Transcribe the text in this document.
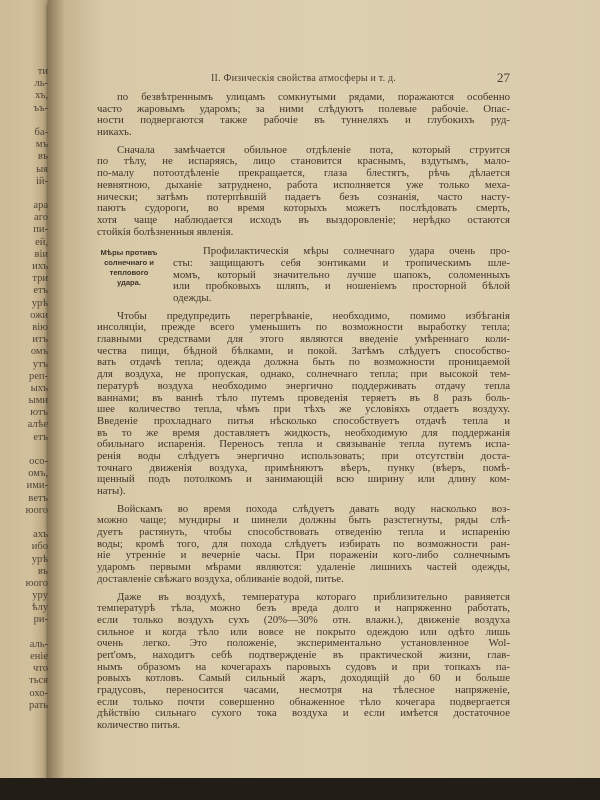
ти
ль-
хъ,
ъъ-
ба-
мъ
въ
ыя
ій-
ара
аго
пи-
ей,
віи
ихъ
три
етъ
урѣ
ожи
вію
итъ
омъ
утъ
реп-
ыхъ
ыми
ютъ
алѣе
етъ
осо-
омъ,
ими-
ветъ
юого
ахъ
ибо
урѣ
въ
юого
ypy
ѣлу
ри-
аль-
еніе
что
ться
охо-
рать
II. Физическія свойства атмосферы и т. д.	27
по безвѣтреннымъ улицамъ сомкнутыми рядами, поражаются особенно
часто жаровымъ ударомъ; за ними слѣдуютъ полевые рабочіе. Опас-
ности подвергаются также рабочіе въ туннеляхъ и глубокихъ руд-
никахъ.
Сначала замѣчается обильное отдѣленіе пота, который струится
по тѣлу, не испаряясь, лицо становится краснымъ, вздутымъ, мало-
по-малу потоотдѣленіе прекращается, глаза блестятъ, рѣчь дѣлается
невнятною, дыханіе затруднено, работа исполняется уже только меха-
нически; затѣмъ потерпѣвшій падаетъ безъ сознанія, часто насту-
паютъ судороги, во время которыхъ можетъ послѣдовать смерть,
хотя чаще наблюдается исходъ въ выздоровленіе; нерѣдко остаются
стойкія болѣзненныя явленія.
Мѣры противъ
солнечнаго и
теплового
удара.
Профилактическія мѣры солнечнаго удара очень про-
сты: защищаютъ себя зонтиками и тропическимъ шле-
момъ, который значительно лучше шапокъ, соломенныхъ
или пробковыхъ шляпъ, и ношеніемъ просторной бѣлой
одежды.
Чтобы предупредить перегрѣваніе, необходимо, помимо избѣганія
инсоляціи, прежде всего уменьшить по возможности выработку тепла;
главными средствами для этого являются введеніе умѣреннаго коли-
чества пищи, бѣдной бѣлками, и покой. Затѣмъ слѣдуетъ способство-
вать отдачѣ тепла; одежда должна быть по возможности проницаемой
для воздуха, не пропуская, однако, солнечнаго тепла; при высокой тем-
пературѣ воздуха необходимо энергично поддерживать отдачу тепла
ваннами; въ ваннѣ тѣло путемъ проведенія теряетъ въ 8 разъ боль-
шее количество тепла, чѣмъ при тѣхъ же условіяхъ отдаетъ воздуху.
Введеніе прохладнаго питья нѣсколько способствуетъ отдачѣ тепла и
въ то же время доставляетъ жидкость, необходимую для поддержанія
обильнаго испаренія. Переносъ тепла и связываніе тепла путемъ испа-
ренія воды слѣдуетъ энергично использовать; при отсутствіи доста-
точнаго движенія воздуха, примѣняютъ вѣеръ, пунку (вѣеръ, помѣ-
щенный подъ потолкомъ и занимающій всю ширину или длину ком-
наты).
Войскамъ во время похода слѣдуетъ давать воду насколько воз-
можно чаще; мундиры и шинели должны быть разстегнуты, ряды слѣ-
дуетъ растянуть, чтобы способствовать отведенію тепла и испаренію
воды; кромѣ того, для похода слѣдуетъ избирать по возможности ран-
ніе утренніе и вечерніе часы. При пораженіи кого-либо солнечнымъ
ударомъ первыми мѣрами являются: удаленіе лишнихъ частей одежды,
доставленіе свѣжаго воздуха, обливаніе водой, питье.
Даже въ воздухѣ, температура котораго приблизительно равняется
температурѣ тѣла, можно безъ вреда долго и напряженно работать,
если только воздухъ сухъ (20%—30% отн. влажн.), движеніе воздуха
сильное и когда тѣло или вовсе не покрыто одеждою или одѣто лишь
очень легко. Это положеніе, экспериментально установленное Wol-
pert'омъ, находитъ себѣ подтвержденіе въ практической жизни, глав-
нымъ образомъ на кочегарахъ паровыхъ судовъ и при топкахъ па-
ровыхъ котловъ. Самый сильный жаръ, доходящій до 60 и больше
градусовъ, переносится часами, несмотря на тѣлесное напряженіе,
если только почти совершенно обнаженное тѣло кочегара подвергается
дѣйствію сильнаго сухого тока воздуха и если имѣется достаточное
количество питья.
